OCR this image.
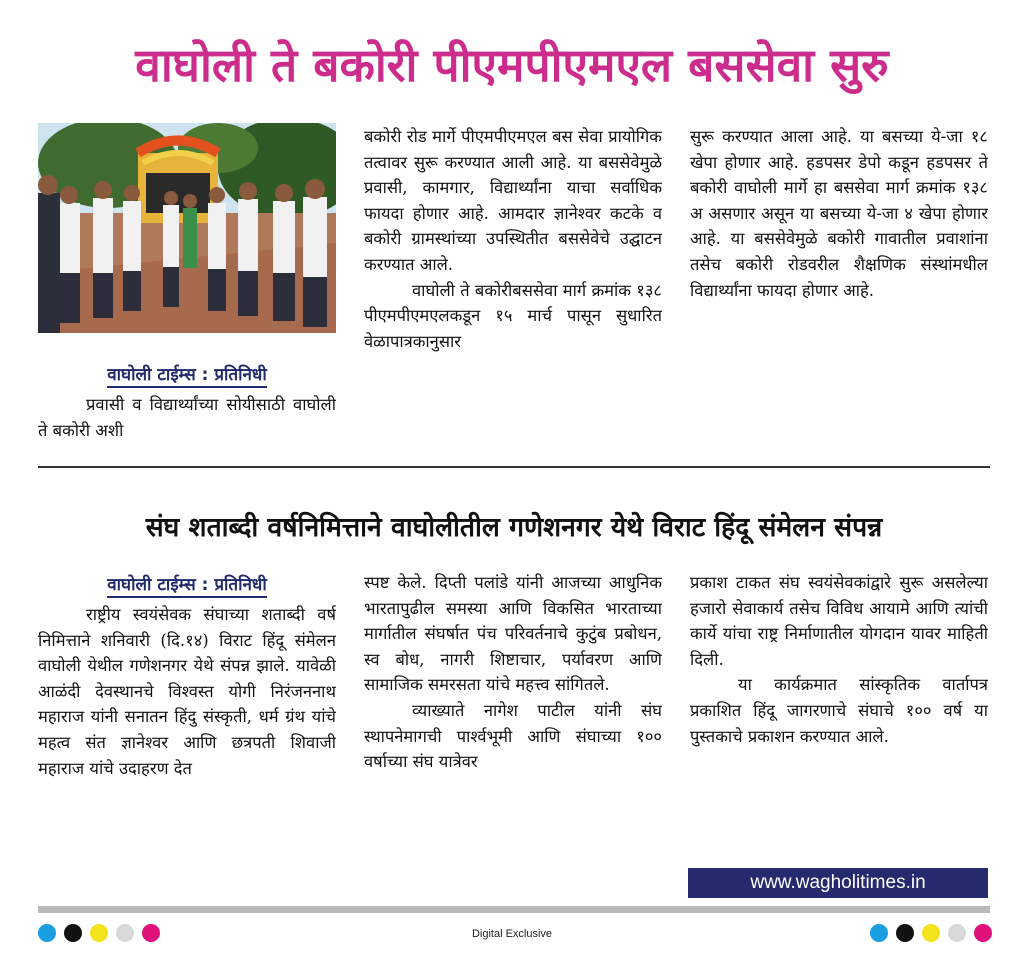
वाघोली ते बकोरी पीएमपीएमएल बससेवा सुरु
वाघोली टाईम्स : प्रतिनिधी

प्रवासी व विद्यार्थ्यांच्या सोयीसाठी वाघोली ते बकोरी अशी

बकोरी रोड मार्गे पीएमपीएमएल बस सेवा प्रायोगिक तत्वावर सुरू करण्यात आली आहे. या बससेवेमुळे प्रवासी, कामगार, विद्यार्थ्यांना याचा सर्वाधिक फायदा होणार आहे. आमदार ज्ञानेश्वर कटके व बकोरी ग्रामस्थांच्या उपस्थितीत बससेवेचे उद्घाटन करण्यात आले.

वाघोली ते बकोरीबससेवा मार्ग क्रमांक १३८ पीएमपीएमएलकडून १५ मार्च पासून सुधारित वेळापात्रकानुसार

सुरू करण्यात आला आहे. या बसच्या ये-जा १८ खेपा होणार आहे. हडपसर डेपो कडून हडपसर ते बकोरी वाघोली मार्गे हा बससेवा मार्ग क्रमांक १३८ अ असणार असून या बसच्या ये-जा ४ खेपा होणार आहे. या बससेवेमुळे बकोरी गावातील प्रवाशांना तसेच बकोरी रोडवरील शैक्षणिक संस्थांमधील विद्यार्थ्यांना फायदा होणार आहे.

संघ शताब्दी वर्षनिमित्ताने वाघोलीतील गणेशनगर येथे विराट हिंदू संमेलन संपन्न
वाघोली टाईम्स : प्रतिनिधी

राष्ट्रीय स्वयंसेवक संघाच्या शताब्दी वर्ष निमित्ताने शनिवारी (दि.१४) विराट हिंदू संमेलन वाघोली येथील गणेशनगर येथे संपन्न झाले. यावेळी आळंदी देवस्थानचे विश्वस्त योगी निरंजननाथ महाराज यांनी सनातन हिंदु संस्कृती, धर्म ग्रंथ यांचे महत्व संत ज्ञानेश्वर आणि छत्रपती शिवाजी महाराज यांचे उदाहरण देत

स्पष्ट केले. दिप्ती पलांडे यांनी आजच्या आधुनिक भारतापुढील समस्या आणि विकसित भारताच्या मार्गातील संघर्षात पंच परिवर्तनाचे कुटुंब प्रबोधन, स्व बोध, नागरी शिष्टाचार, पर्यावरण आणि सामाजिक समरसता यांचे महत्त्व सांगितले.

व्याख्याते नागेश पाटील यांनी संघ स्थापनेमागची पार्श्वभूमी आणि संघाच्या १०० वर्षाच्या संघ यात्रेवर

प्रकाश टाकत संघ स्वयंसेवकांद्वारे सुरू असलेल्या हजारो सेवाकार्य तसेच विविध आयामे आणि त्यांची कार्ये यांचा राष्ट्र निर्माणातील योगदान यावर माहिती दिली.

या कार्यक्रमात सांस्कृतिक वार्तापत्र प्रकाशित हिंदू जागरणाचे संघाचे १०० वर्ष या पुस्तकाचे प्रकाशन करण्यात आले.

www.wagholitimes.in
Digital Exclusive
